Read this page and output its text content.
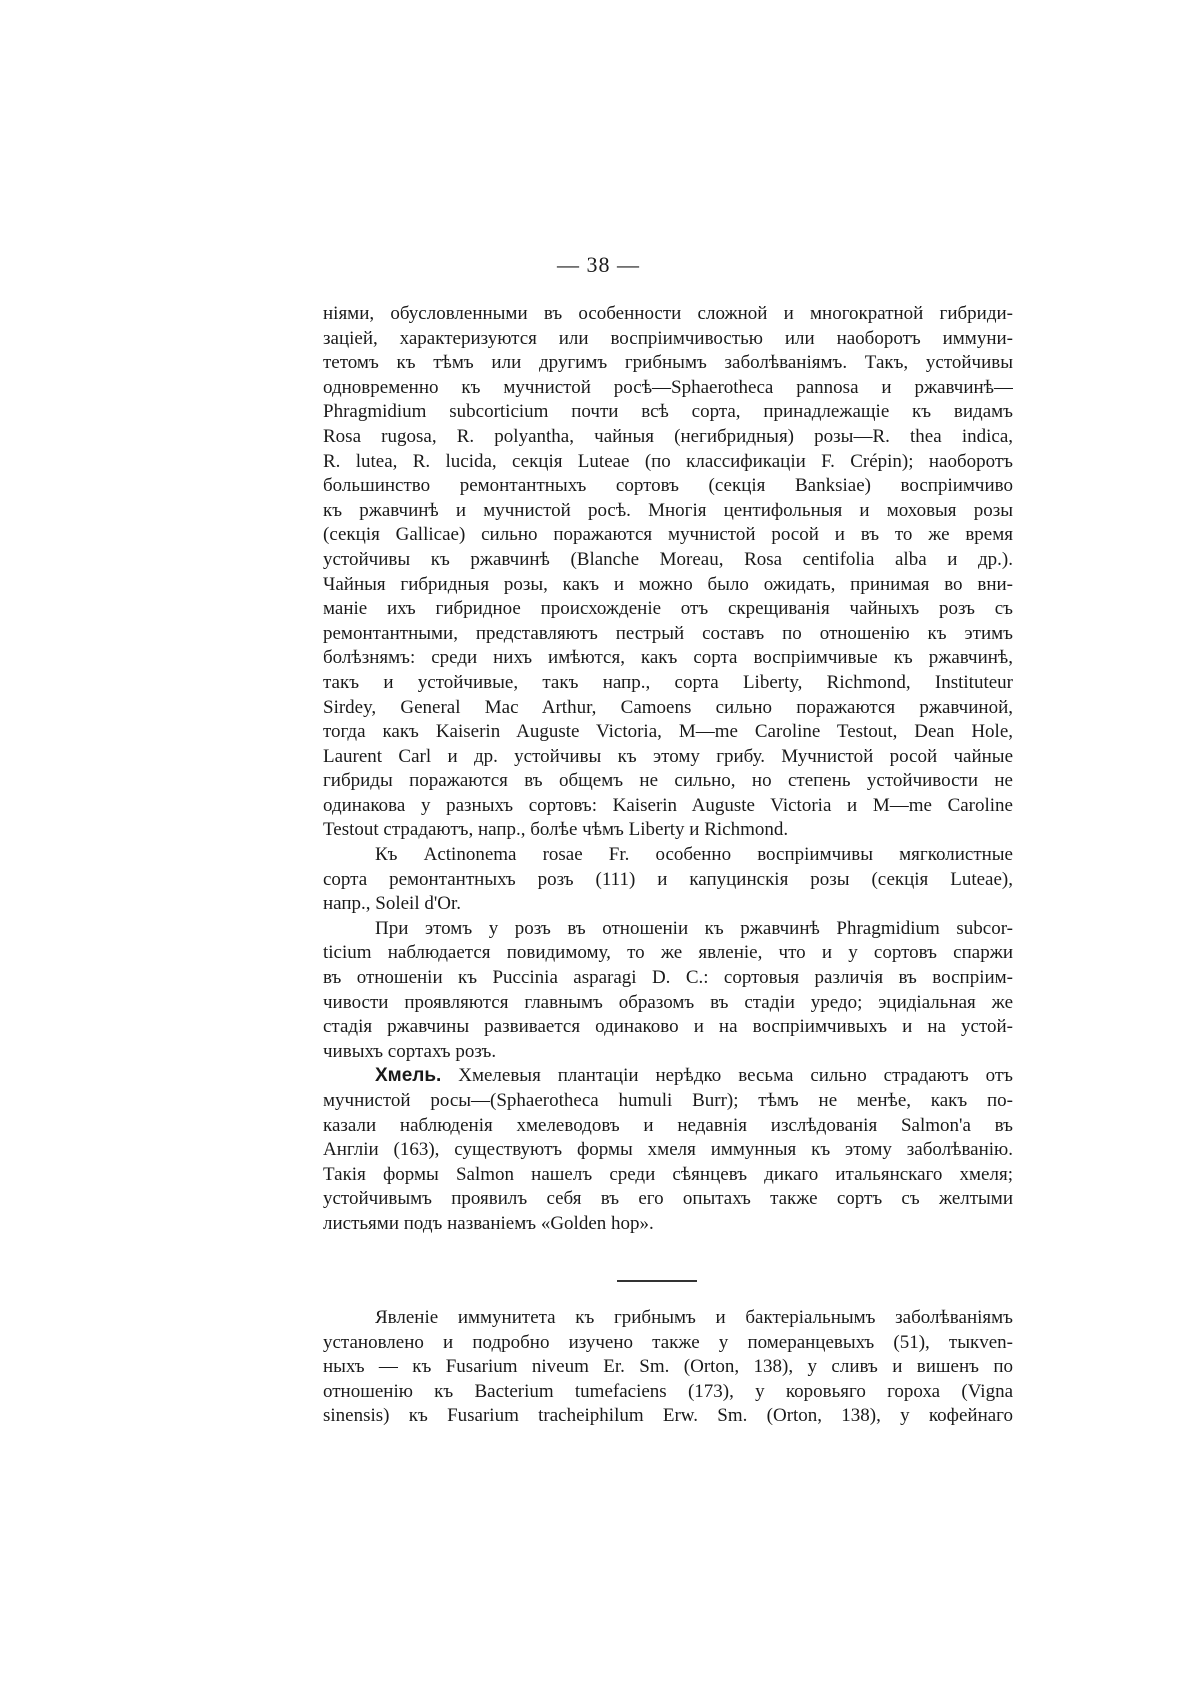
— 38 —
ніями, обусловленными въ особенности сложной и многократной гибриди-
заціей, характеризуются или воспріимчивостью или наоборотъ иммуни-
тетомъ къ тѣмъ или другимъ грибнымъ заболѣваніямъ. Такъ, устойчивы
одновременно къ мучнистой росѣ—Sphaerotheca pannosa и ржавчинѣ—
Phragmidium subcorticium почти всѣ сорта, принадлежащіе къ видамъ
Rosa rugosa, R. polyantha, чайныя (негибридныя) розы—R. thea indica,
R. lutea, R. lucida, секція Luteae (по классификаціи F. Crépin); наоборотъ
большинство ремонтантныхъ сортовъ (секція Banksiae) воспріимчиво
къ ржавчинѣ и мучнистой росѣ. Многія центифольныя и моховыя розы
(секція Gallicae) сильно поражаются мучнистой росой и въ то же время
устойчивы къ ржавчинѣ (Blanche Moreau, Rosa centifolia alba и др.).
Чайныя гибридныя розы, какъ и можно было ожидать, принимая во вни-
маніе ихъ гибридное происхожденіе отъ скрещиванія чайныхъ розъ съ
ремонтантными, представляютъ пестрый составъ по отношенію къ этимъ
болѣзнямъ: среди нихъ имѣются, какъ сорта воспріимчивые къ ржавчинѣ,
такъ и устойчивые, такъ напр., сорта Liberty, Richmond, Instituteur
Sirdey, General Mac Arthur, Camoens сильно поражаются ржавчиной,
тогда какъ Kaiserin Auguste Victoria, M—me Caroline Testout, Dean Hole,
Laurent Carl и др. устойчивы къ этому грибу. Мучнистой росой чайные
гибриды поражаются въ общемъ не сильно, но степень устойчивости не
одинакова у разныхъ сортовъ: Kaiserin Auguste Victoria и M—me Caroline
Testout страдаютъ, напр., болѣе чѣмъ Liberty и Richmond.
Къ Actinonema rosae Fr. особенно воспріимчивы мягколистные
сорта ремонтантныхъ розъ (111) и капуцинскія розы (секція Luteae),
напр., Soleil d'Or.
При этомъ у розъ въ отношеніи къ ржавчинѣ Phragmidium subcor-
ticium наблюдается повидимому, то же явленіе, что и у сортовъ спаржи
въ отношеніи къ Puccinia asparagi D. C.: сортовыя различія въ воспріим-
чивости проявляются главнымъ образомъ въ стадіи уредо; эцидіальная же
стадія ржавчины развивается одинаково и на воспріимчивыхъ и на устой-
чивыхъ сортахъ розъ.
Хмель. Хмелевыя плантаціи нерѣдко весьма сильно страдаютъ отъ
мучнистой росы—(Sphaerotheca humuli Burr); тѣмъ не менѣе, какъ по-
казали наблюденія хмелеводовъ и недавнія изслѣдованія Salmon'a въ
Англіи (163), существуютъ формы хмеля иммунныя къ этому заболѣванію.
Такія формы Salmon нашелъ среди сѣянцевъ дикаго итальянскаго хмеля;
устойчивымъ проявилъ себя въ его опытахъ также сортъ съ желтыми
листьями подъ названіемъ «Golden hop».
Явленіе иммунитета къ грибнымъ и бактеріальнымъ заболѣваніямъ
установлено и подробно изучено также у померанцевыхъ (51), тыкven-
ныхъ — къ Fusarium niveum Er. Sm. (Orton, 138), у сливъ и вишенъ по
отношенію къ Bacterium tumefaciens (173), у коровьяго гороха (Vigna
sinensis) къ Fusarium tracheiphilum Erw. Sm. (Orton, 138), у кофейнаго
